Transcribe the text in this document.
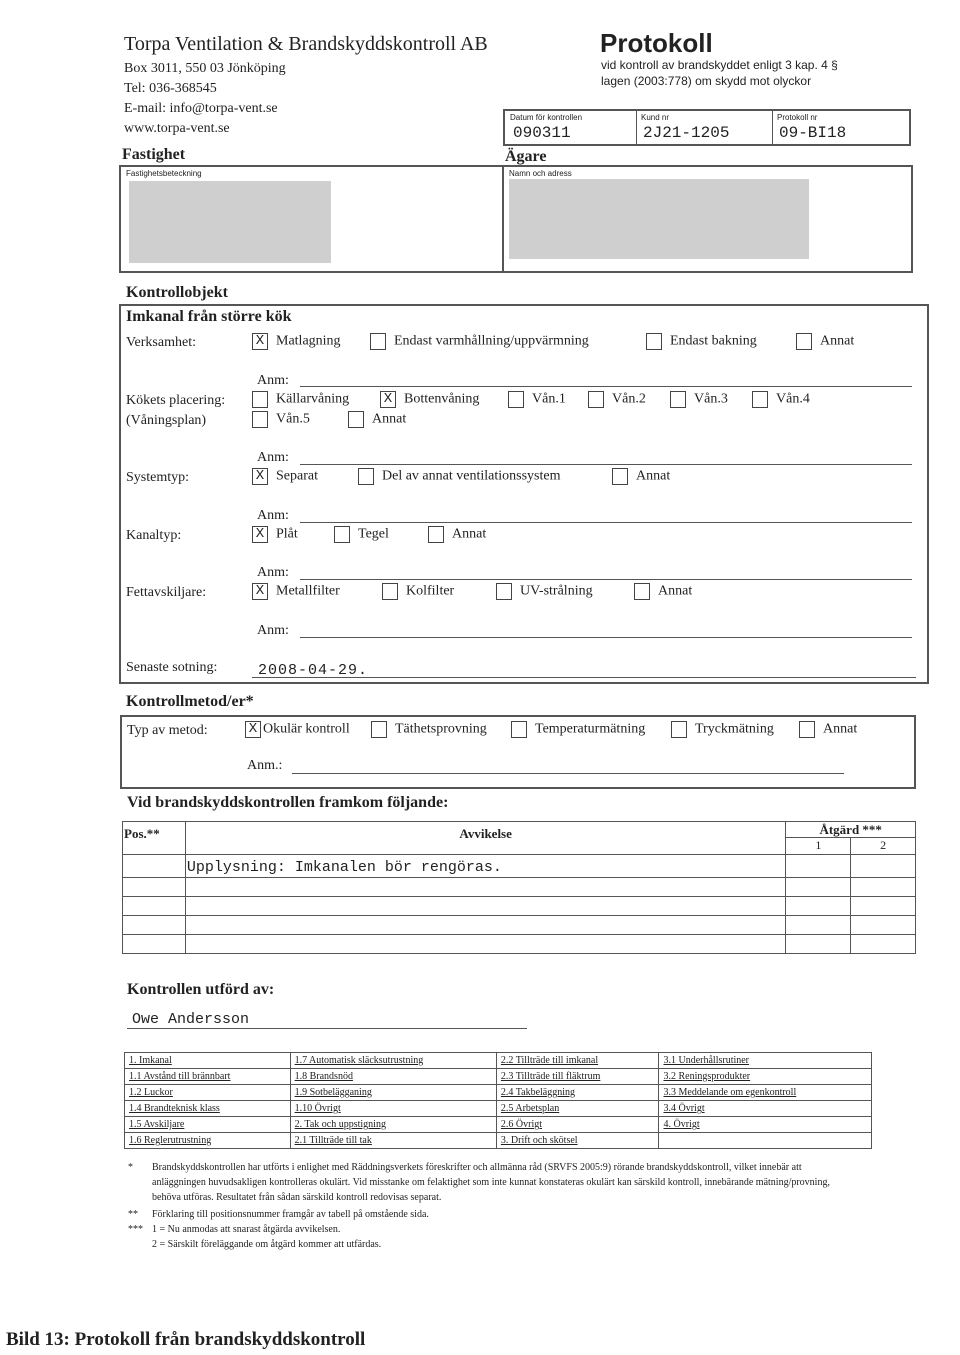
Torpa Ventilation & Brandskyddskontroll AB
Box 3011, 550 03 Jönköping
Tel: 036-368545
E-mail: info@torpa-vent.se
www.torpa-vent.se
Protokoll
vid kontroll av brandskyddet enligt 3 kap. 4 §
lagen (2003:778) om skydd mot olyckor
Datum för kontrollen
090311
Kund nr
2J21-1205
Protokoll nr
09-BI18
Fastighet	Ägare
Fastighetsbeteckning	Namn och adress
Kontrollobjekt
Imkanal från större kök
Verksamhet:	X Matlagning	Endast varmhållning/uppvärmning	Endast bakning	Annat
Anm:
Kökets placering:
(Våningsplan)
Källarvåning X Bottenvåning	Vån.1	Vån.2	Vån.3	Vån.4
Vån.5	Annat
Anm:
Systemtyp:	X Separat	Del av annat ventilationssystem	Annat
Anm:
Kanaltyp:	X Plåt	Tegel	Annat
Anm:
Fettavskiljare:	X Metallfilter	Kolfilter	UV-strålning	Annat
Anm:
Senaste sotning:	2008-04-29.
Kontrollmetod/er*
Typ av metod:	X Okulär kontroll	Täthetsprovning	Temperaturmätning	Tryckmätning	Annat
Anm.:
Vid brandskyddskontrollen framkom följande:
Pos.**	Avvikelse	Åtgärd ***
1 2	

	Upplysning: Imkanalen bör rengöras.		

Kontrollen utförd av:
Owe Andersson
1. Imkanal	1.7 Automatisk släcksutrustning	2.2 Tillträde till imkanal	3.1 Underhållsrutiner
1.1 Avstånd till brännbart	1.8 Brandsnöd	2.3 Tillträde till fläktrum	3.2 Reningsprodukter
1.2 Luckor	1.9 Sotbelägganing	2.4 Takbeläggning	3.3 Meddelande om egenkontroll
1.4 Brandteknisk klass	1.10 Övrigt	2.5 Arbetsplan	3.4 Övrigt
1.5 Avskiljare	2. Tak och uppstigning	2.6 Övrigt	4. Övrigt
1.6 Reglerutrustning	2.1 Tillträde till tak	3. Drift och skötsel	
*	Brandskyddskontrollen har utförts i enlighet med Räddningsverkets föreskrifter och allmänna råd (SRVFS 2005:9) rörande brandskyddskontroll, vilket innebär att anläggningen huvudsakligen kontrolleras okulärt. Vid misstanke om felaktighet som inte kunnat konstateras okulärt kan särskild kontroll, innebärande mätning/provning, behöva utföras. Resultatet från sådan särskild kontroll redovisas separat.
**	Förklaring till positionsnummer framgår av tabell på omstående sida.
*** 1 = Nu anmodas att snarast åtgärda avvikelsen.
2 = Särskilt föreläggande om åtgärd kommer att utfärdas.
Bild 13: Protokoll från brandskyddskontroll
